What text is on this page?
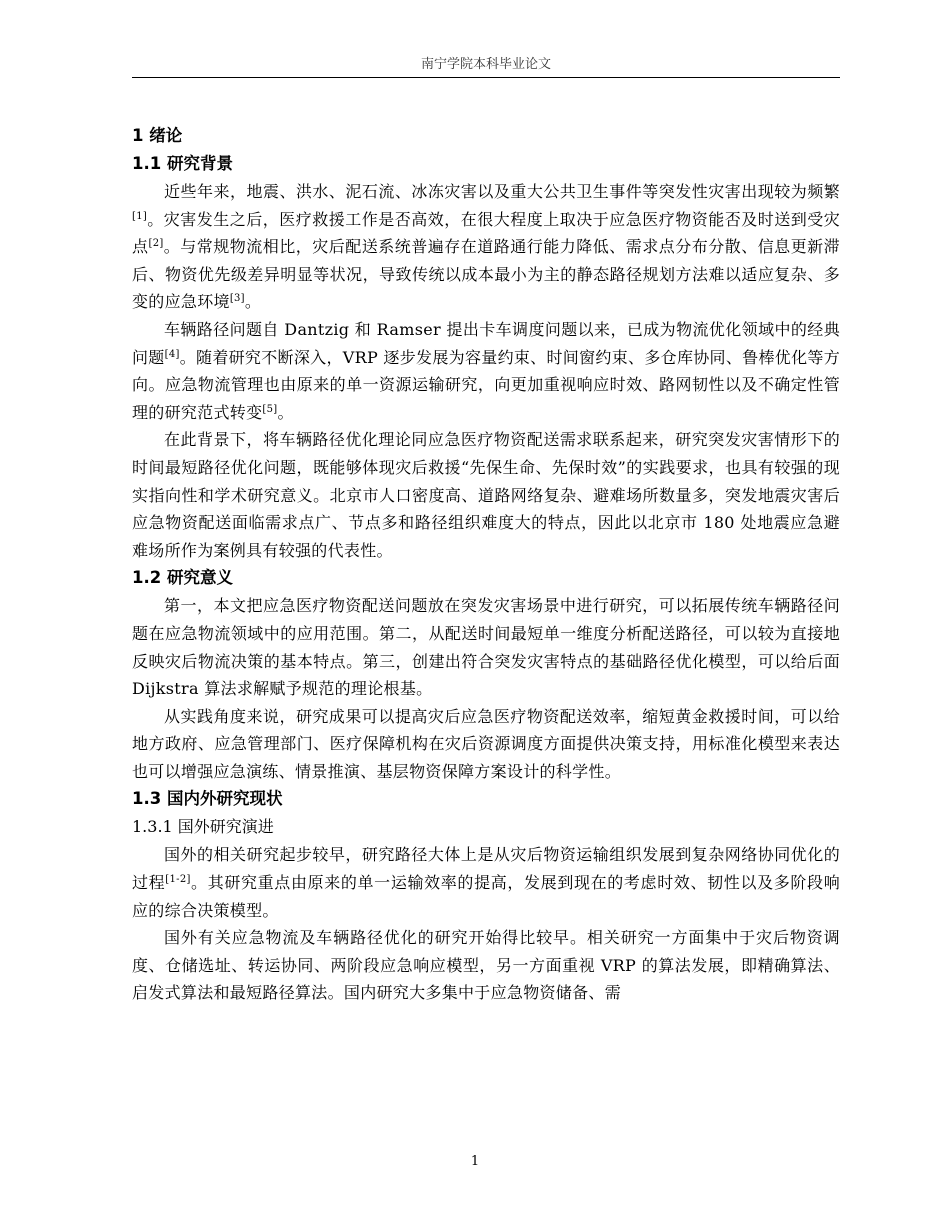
南宁学院本科毕业论文
1 绪论
1.1 研究背景

近些年来，地震、洪水、泥石流、冰冻灾害以及重大公共卫生事件等突发性灾害出现较为频繁[1]。灾害发生之后，医疗救援工作是否高效，在很大程度上取决于应急医疗物资能否及时送到受灾点[2]。与常规物流相比，灾后配送系统普遍存在道路通行能力降低、需求点分布分散、信息更新滞后、物资优先级差异明显等状况，导致传统以成本最小为主的静态路径规划方法难以适应复杂、多变的应急环境[3]。

车辆路径问题自 Dantzig 和 Ramser 提出卡车调度问题以来，已成为物流优化领域中的经典问题[4]。随着研究不断深入，VRP 逐步发展为容量约束、时间窗约束、多仓库协同、鲁棒优化等方向。应急物流管理也由原来的单一资源运输研究，向更加重视响应时效、路网韧性以及不确定性管理的研究范式转变[5]。

在此背景下，将车辆路径优化理论同应急医疗物资配送需求联系起来，研究突发灾害情形下的时间最短路径优化问题，既能够体现灾后救援“先保生命、先保时效”的实践要求，也具有较强的现实指向性和学术研究意义。北京市人口密度高、道路网络复杂、避难场所数量多，突发地震灾害后应急物资配送面临需求点广、节点多和路径组织难度大的特点，因此以北京市 180 处地震应急避难场所作为案例具有较强的代表性。

1.2 研究意义

第一，本文把应急医疗物资配送问题放在突发灾害场景中进行研究，可以拓展传统车辆路径问题在应急物流领域中的应用范围。第二，从配送时间最短单一维度分析配送路径，可以较为直接地反映灾后物流决策的基本特点。第三，创建出符合突发灾害特点的基础路径优化模型，可以给后面 Dijkstra 算法求解赋予规范的理论根基。

从实践角度来说，研究成果可以提高灾后应急医疗物资配送效率，缩短黄金救援时间，可以给地方政府、应急管理部门、医疗保障机构在灾后资源调度方面提供决策支持，用标准化模型来表达也可以增强应急演练、情景推演、基层物资保障方案设计的科学性。

1.3 国内外研究现状
1.3.1 国外研究演进

国外的相关研究起步较早，研究路径大体上是从灾后物资运输组织发展到复杂网络协同优化的过程[1-2]。其研究重点由原来的单一运输效率的提高，发展到现在的考虑时效、韧性以及多阶段响应的综合决策模型。

国外有关应急物流及车辆路径优化的研究开始得比较早。相关研究一方面集中于灾后物资调度、仓储选址、转运协同、两阶段应急响应模型，另一方面重视 VRP 的算法发展，即精确算法、启发式算法和最短路径算法。国内研究大多集中于应急物资储备、需

1
